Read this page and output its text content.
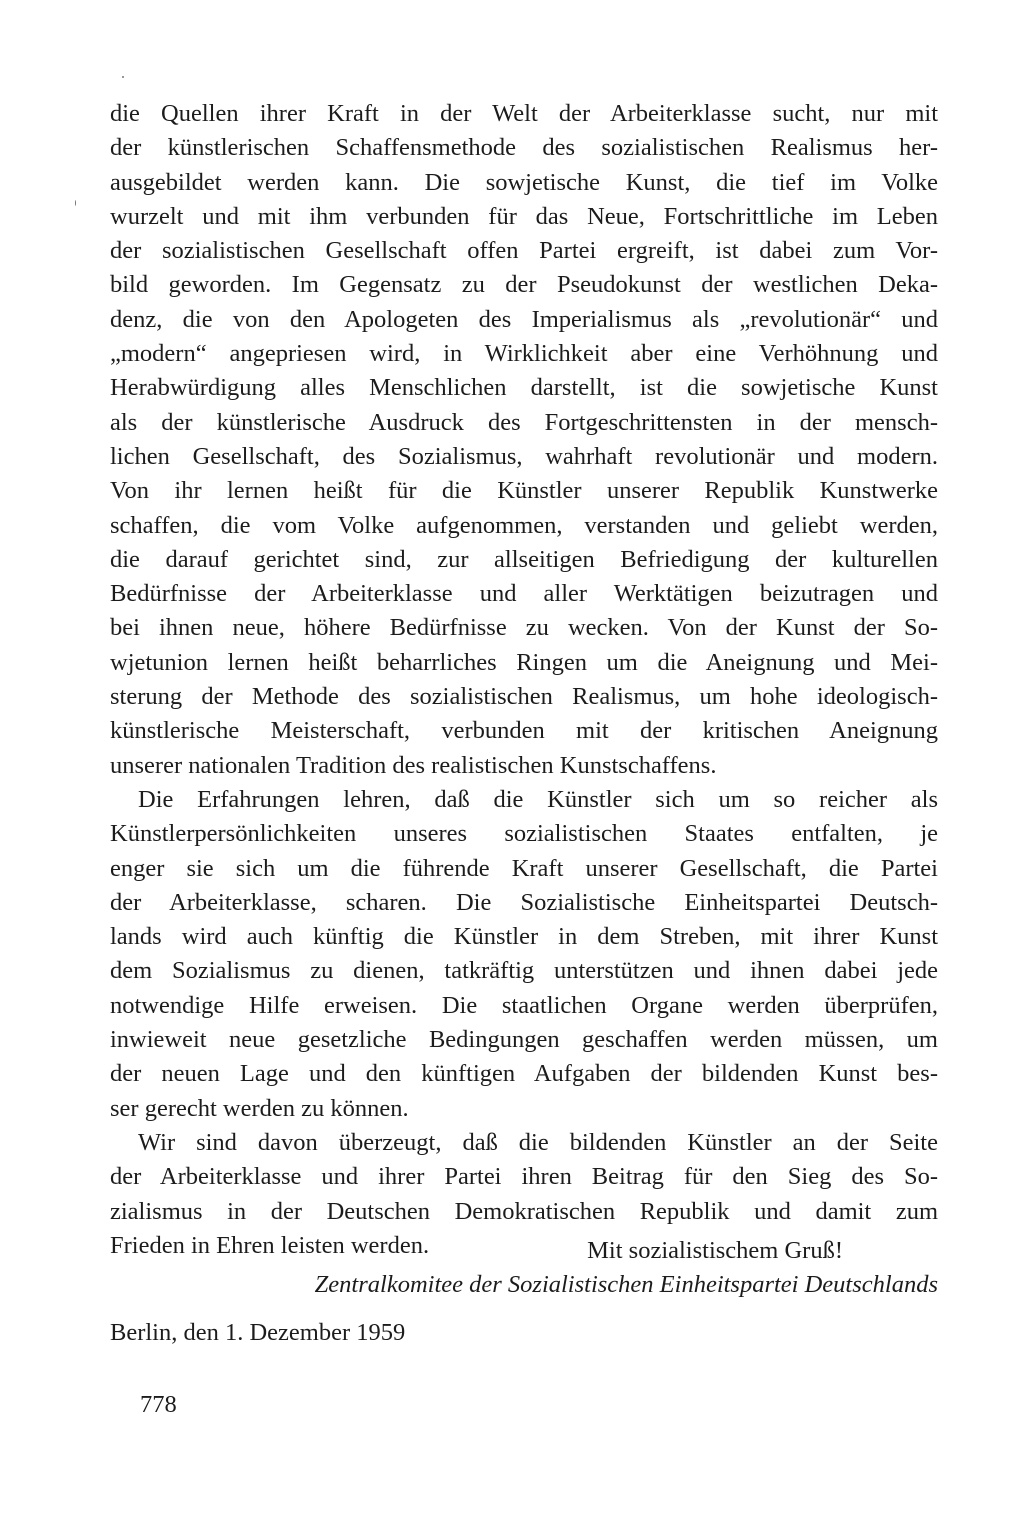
die Quellen ihrer Kraft in der Welt der Arbeiterklasse sucht, nur mit
der künstlerischen Schaffensmethode des sozialistischen Realismus her-
ausgebildet werden kann. Die sowjetische Kunst, die tief im Volke
wurzelt und mit ihm verbunden für das Neue, Fortschrittliche im Leben
der sozialistischen Gesellschaft offen Partei ergreift, ist dabei zum Vor-
bild geworden. Im Gegensatz zu der Pseudokunst der westlichen Deka-
denz, die von den Apologeten des Imperialismus als „revolutionär“ und
„modern“ angepriesen wird, in Wirklichkeit aber eine Verhöhnung und
Herabwürdigung alles Menschlichen darstellt, ist die sowjetische Kunst
als der künstlerische Ausdruck des Fortgeschrittensten in der mensch-
lichen Gesellschaft, des Sozialismus, wahrhaft revolutionär und modern.
Von ihr lernen heißt für die Künstler unserer Republik Kunstwerke
schaffen, die vom Volke aufgenommen, verstanden und geliebt werden,
die darauf gerichtet sind, zur allseitigen Befriedigung der kulturellen
Bedürfnisse der Arbeiterklasse und aller Werktätigen beizutragen und
bei ihnen neue, höhere Bedürfnisse zu wecken. Von der Kunst der So-
wjetunion lernen heißt beharrliches Ringen um die Aneignung und Mei-
sterung der Methode des sozialistischen Realismus, um hohe ideologisch-
künstlerische Meisterschaft, verbunden mit der kritischen Aneignung
unserer nationalen Tradition des realistischen Kunstschaffens.
Die Erfahrungen lehren, daß die Künstler sich um so reicher als
Künstlerpersönlichkeiten unseres sozialistischen Staates entfalten, je
enger sie sich um die führende Kraft unserer Gesellschaft, die Partei
der Arbeiterklasse, scharen. Die Sozialistische Einheitspartei Deutsch-
lands wird auch künftig die Künstler in dem Streben, mit ihrer Kunst
dem Sozialismus zu dienen, tatkräftig unterstützen und ihnen dabei jede
notwendige Hilfe erweisen. Die staatlichen Organe werden überprüfen,
inwieweit neue gesetzliche Bedingungen geschaffen werden müssen, um
der neuen Lage und den künftigen Aufgaben der bildenden Kunst bes-
ser gerecht werden zu können.
Wir sind davon überzeugt, daß die bildenden Künstler an der Seite
der Arbeiterklasse und ihrer Partei ihren Beitrag für den Sieg des So-
zialismus in der Deutschen Demokratischen Republik und damit zum
Frieden in Ehren leisten werden.	Mit sozialistischem Gruß!
Zentralkomitee der Sozialistischen Einheitspartei Deutschlands
Berlin, den 1. Dezember 1959
778
